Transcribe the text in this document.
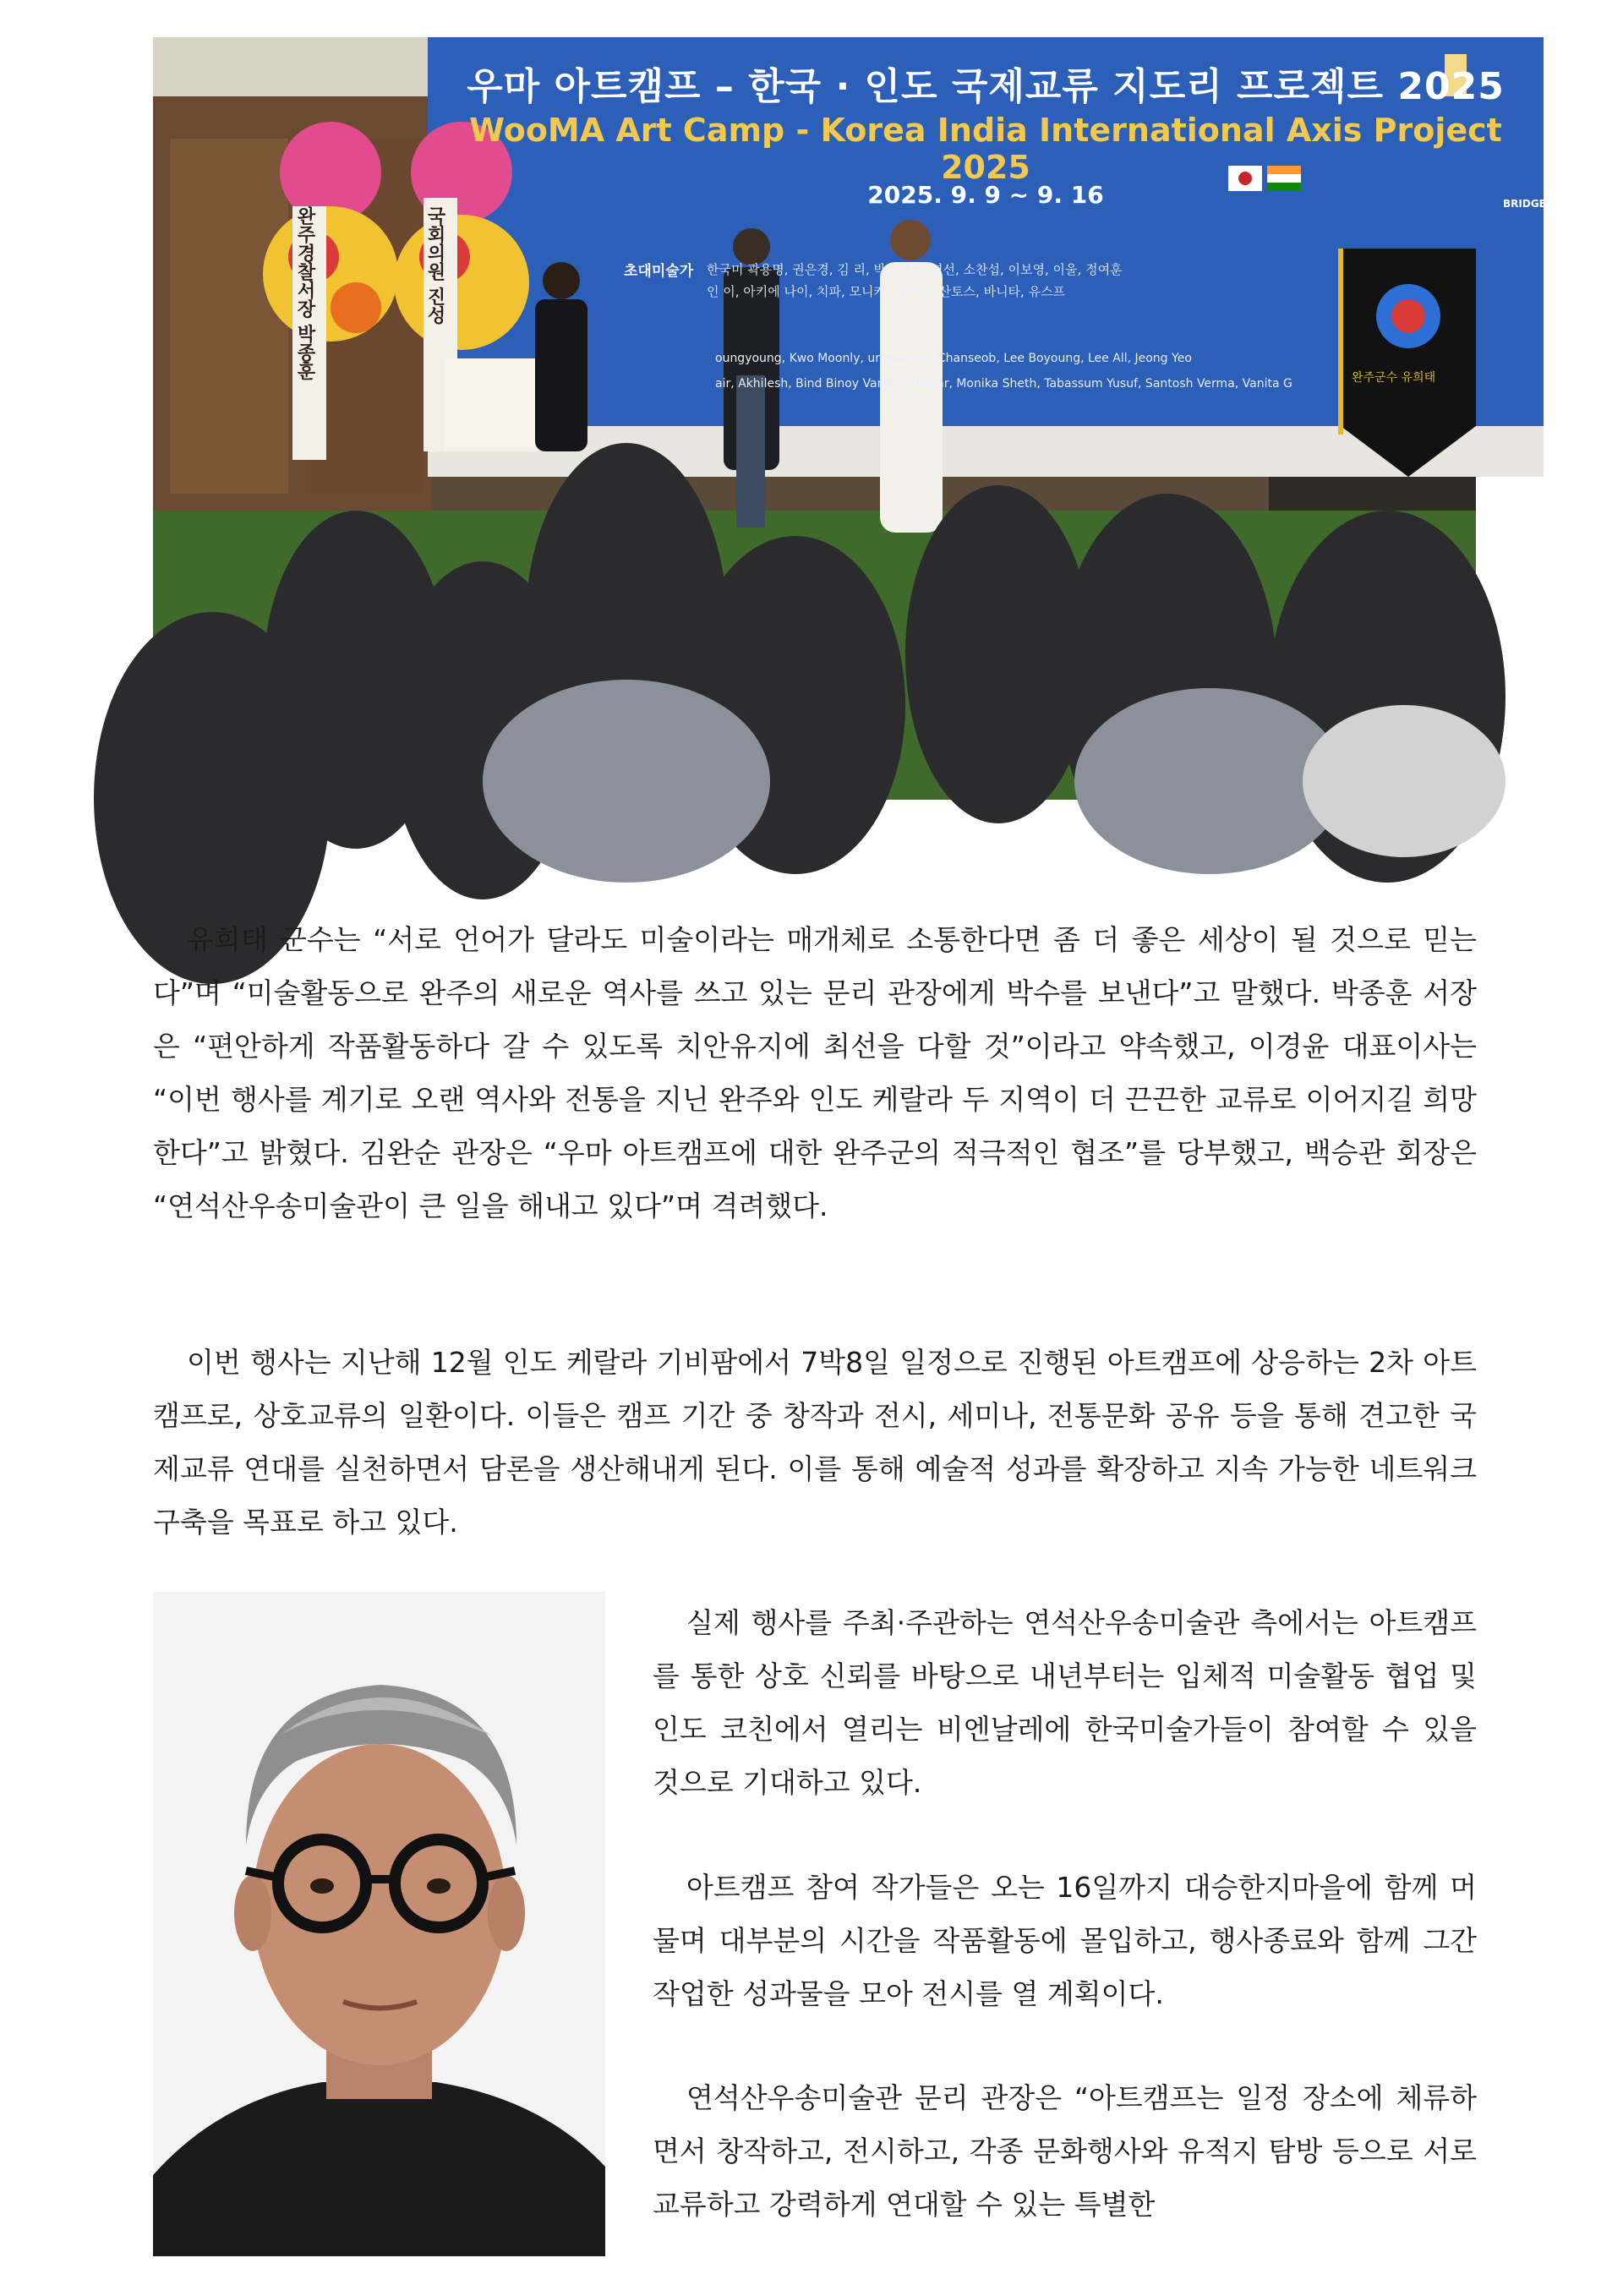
우마 아트캠프 – 한국 · 인도 국제교류 지도리 프로젝트 2025
WooMA Art Camp - Korea India International Axis Project 2025
2025. 9. 9 ~ 9. 16
초대미술가 한국미 곽용명, 권은경, 김 리, 박승만, 박영선, 소찬섭, 이보영, 이울, 정여훈
인 이, 아키에 나이, 치파, 모니카, 타바숨, 산토스, 바니타, 유스프
oungyoung, Kwo Moonly, ungsun, So Chanseob, Lee Boyoung, Lee All, Jeong Yeo
air, Akhilesh, Bind Binoy Varghe dhakar, Monika Sheth, Tabassum Yusuf, Santosh Verma, Vanita G
BRIDGE
완주경찰서장 박종훈	국회의원 진성
완주군수 유희태

유희태 군수는 “서로 언어가 달라도 미술이라는 매개체로 소통한다면 좀 더 좋은 세상이 될 것으로 믿는다”며 “미술활동으로 완주의 새로운 역사를 쓰고 있는 문리 관장에게 박수를 보낸다”고 말했다. 박종훈 서장은 “편안하게 작품활동하다 갈 수 있도록 치안유지에 최선을 다할 것”이라고 약속했고, 이경윤 대표이사는 “이번 행사를 계기로 오랜 역사와 전통을 지닌 완주와 인도 케랄라 두 지역이 더 끈끈한 교류로 이어지길 희망한다”고 밝혔다. 김완순 관장은 “우마 아트캠프에 대한 완주군의 적극적인 협조”를 당부했고, 백승관 회장은 “연석산우송미술관이 큰 일을 해내고 있다”며 격려했다.

이번 행사는 지난해 12월 인도 케랄라 기비팜에서 7박8일 일정으로 진행된 아트캠프에 상응하는 2차 아트캠프로, 상호교류의 일환이다. 이들은 캠프 기간 중 창작과 전시, 세미나, 전통문화 공유 등을 통해 견고한 국제교류 연대를 실천하면서 담론을 생산해내게 된다. 이를 통해 예술적 성과를 확장하고 지속 가능한 네트워크 구축을 목표로 하고 있다.

실제 행사를 주최·주관하는 연석산우송미술관 측에서는 아트캠프를 통한 상호 신뢰를 바탕으로 내년부터는 입체적 미술활동 협업 및 인도 코친에서 열리는 비엔날레에 한국미술가들이 참여할 수 있을 것으로 기대하고 있다.

아트캠프 참여 작가들은 오는 16일까지 대승한지마을에 함께 머물며 대부분의 시간을 작품활동에 몰입하고, 행사종료와 함께 그간 작업한 성과물을 모아 전시를 열 계획이다.

연석산우송미술관 문리 관장은 “아트캠프는 일정 장소에 체류하면서 창작하고, 전시하고, 각종 문화행사와 유적지 탐방 등으로 서로 교류하고 강력하게 연대할 수 있는 특별한
